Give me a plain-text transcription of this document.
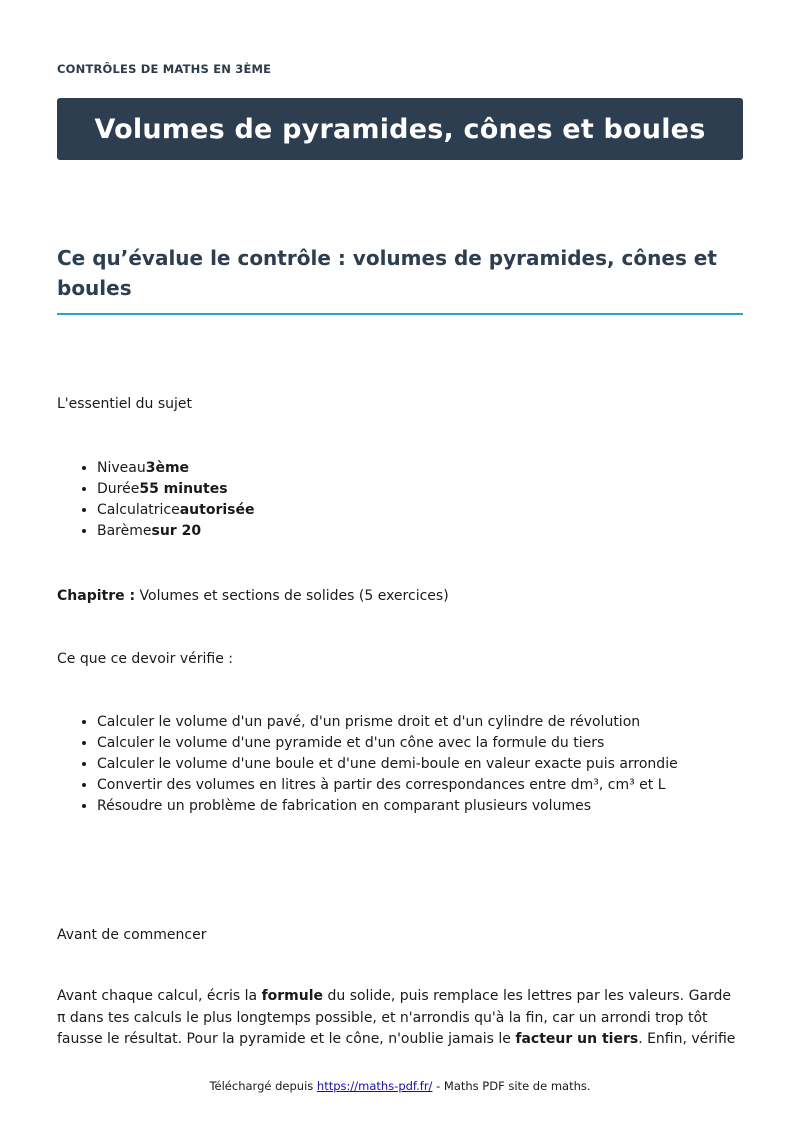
CONTRÔLES DE MATHS EN 3ÈME
Volumes de pyramides, cônes et boules
Ce qu’évalue le contrôle : volumes de pyramides, cônes et boules

L'essentiel du sujet

• Niveau3ème
• Durée55 minutes
• Calculatriceautorisée
• Barèmesur 20

Chapitre : Volumes et sections de solides (5 exercices)

Ce que ce devoir vérifie :

• Calculer le volume d'un pavé, d'un prisme droit et d'un cylindre de révolution
• Calculer le volume d'une pyramide et d'un cône avec la formule du tiers
• Calculer le volume d'une boule et d'une demi-boule en valeur exacte puis arrondie
• Convertir des volumes en litres à partir des correspondances entre dm³, cm³ et L
• Résoudre un problème de fabrication en comparant plusieurs volumes

Avant de commencer

Avant chaque calcul, écris la formule du solide, puis remplace les lettres par les valeurs. Garde π dans tes calculs le plus longtemps possible, et n'arrondis qu'à la fin, car un arrondi trop tôt fausse le résultat. Pour la pyramide et le cône, n'oublie jamais le facteur un tiers. Enfin, vérifie

Téléchargé depuis https://maths-pdf.fr/ - Maths PDF site de maths.
